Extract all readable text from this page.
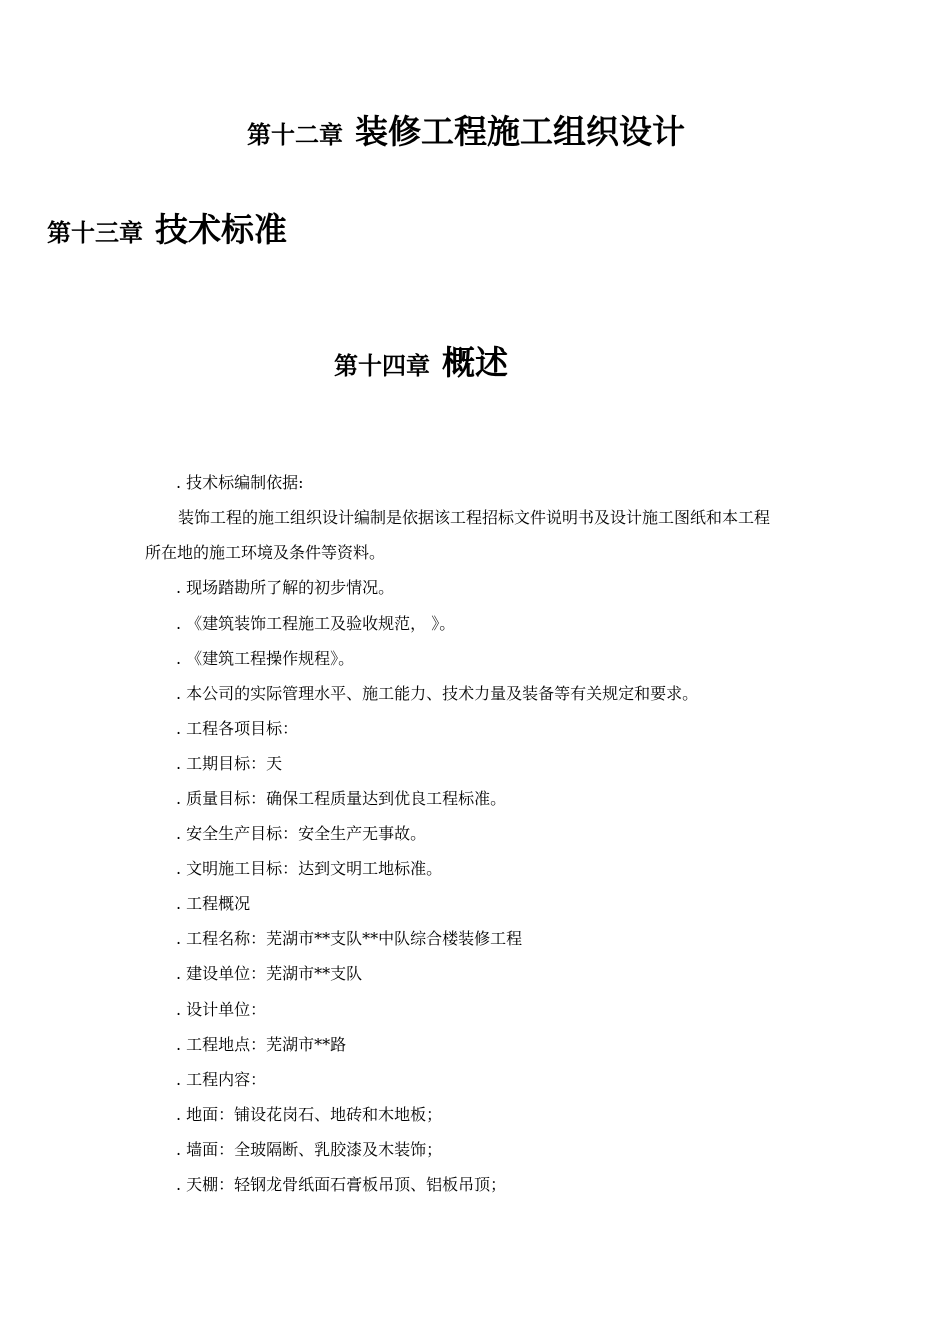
第十二章 装修工程施工组织设计
第十三章 技术标准
第十四章 概述
. 技术标编制依据:
装饰工程的施工组织设计编制是依据该工程招标文件说明书及设计施工图纸和本工程
所在地的施工环境及条件等资料。
. 现场踏勘所了解的初步情况。
. 《建筑装饰工程施工及验收规范， 》。
. 《建筑工程操作规程》。
. 本公司的实际管理水平、施工能力、技术力量及装备等有关规定和要求。
. 工程各项目标：
. 工期目标：天
. 质量目标：确保工程质量达到优良工程标准。
. 安全生产目标：安全生产无事故。
. 文明施工目标：达到文明工地标准。
. 工程概况
. 工程名称：芜湖市**支队**中队综合楼装修工程
. 建设单位：芜湖市**支队
. 设计单位：
. 工程地点：芜湖市**路
. 工程内容：
. 地面：铺设花岗石、地砖和木地板；
. 墙面：全玻隔断、乳胶漆及木装饰；
. 天棚：轻钢龙骨纸面石膏板吊顶、铝板吊顶；
